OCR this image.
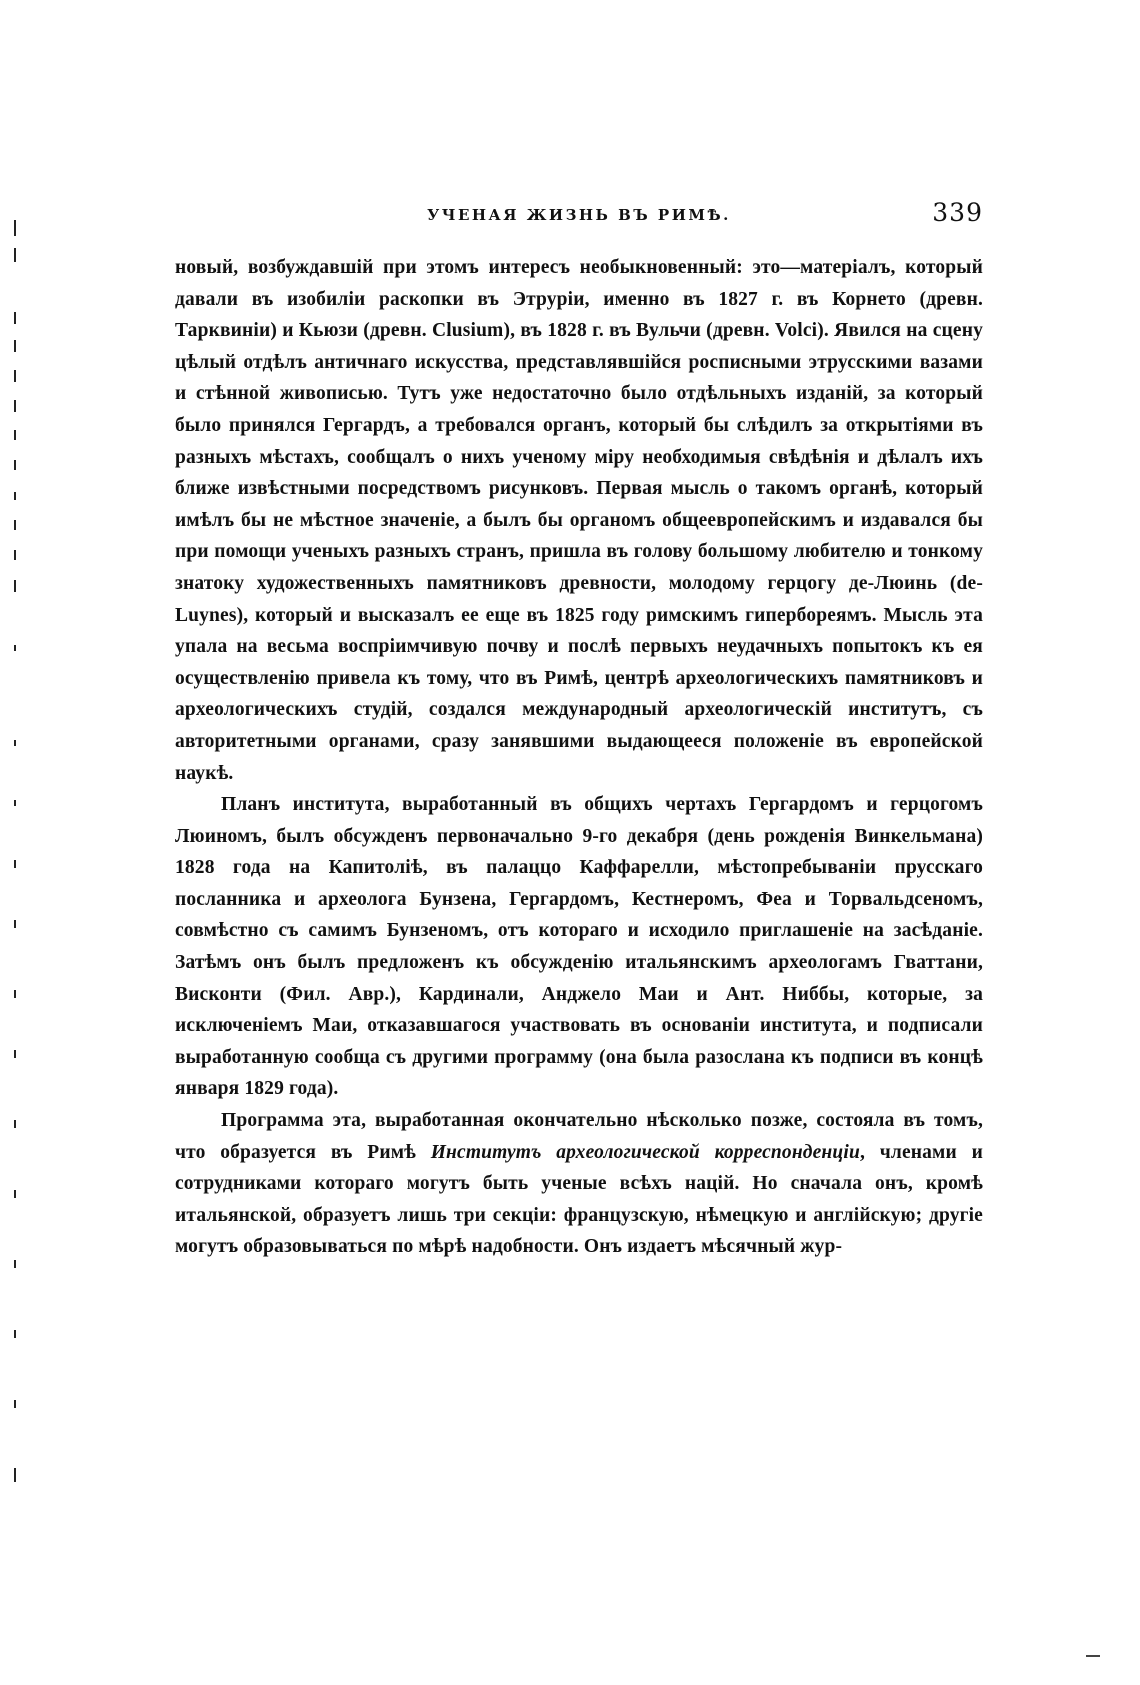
УЧЕНАЯ ЖИЗНЬ ВЪ РИМѢ.	339

новый, возбуждавшій при этомъ интересъ необыкновенный: это—матеріалъ, который давали въ изобиліи раскопки въ Этруріи, именно въ 1827 г. въ Корнето (древн. Тарквиніи) и Кьюзи (древн. Clusium), въ 1828 г. въ Вульчи (древн. Volci). Явился на сцену цѣлый отдѣлъ античнаго искусства, представлявшійся росписными этрусскими вазами и стѣнной живописью. Тутъ уже недостаточно было отдѣльныхъ изданій, за который было принялся Гергардъ, а требовался органъ, который бы слѣдилъ за открытіями въ разныхъ мѣстахъ, сообщалъ о нихъ ученому міру необходимыя свѣдѣнія и дѣлалъ ихъ ближе извѣстными посредствомъ рисунковъ. Первая мысль о такомъ органѣ, который имѣлъ бы не мѣстное значеніе, а былъ бы органомъ общеевропейскимъ и издавался бы при помощи ученыхъ разныхъ странъ, пришла въ голову большому любителю и тонкому знатоку художественныхъ памятниковъ древности, молодому герцогу де-Люинь (de-Luynes), который и высказалъ ее еще въ 1825 году римскимъ гипербореямъ. Мысль эта упала на весьма воспріимчивую почву и послѣ первыхъ неудачныхъ попытокъ къ ея осуществленію привела къ тому, что въ Римѣ, центрѣ археологическихъ памятниковъ и археологическихъ студій, создался международный археологическій институтъ, съ авторитетными органами, сразу занявшими выдающееся положеніе въ европейской наукѣ.

Планъ института, выработанный въ общихъ чертахъ Гергардомъ и герцогомъ Люиномъ, былъ обсужденъ первоначально 9-го декабря (день рожденія Винкельмана) 1828 года на Капитоліѣ, въ палаццо Каффарелли, мѣстопребываніи прусскаго посланника и археолога Бунзена, Гергардомъ, Кестнеромъ, Феа и Торвальдсеномъ, совмѣстно съ самимъ Бунзеномъ, отъ котораго и исходило приглашеніе на засѣданіе. Затѣмъ онъ былъ предложенъ къ обсужденію итальянскимъ археологамъ Гваттани, Висконти (Фил. Авр.), Кардинали, Анджело Маи и Ант. Ниббы, которые, за исключеніемъ Маи, отказавшагося участвовать въ основаніи института, и подписали выработанную сообща съ другими программу (она была разослана къ подписи въ концѣ января 1829 года).

Программа эта, выработанная окончательно нѣсколько позже, состояла въ томъ, что образуется въ Римѣ Институтъ археологической корреспонденціи, членами и сотрудниками котораго могутъ быть ученые всѣхъ націй. Но сначала онъ, кромѣ итальянской, образуетъ лишь три секціи: французскую, нѣмецкую и англійскую; другіе могутъ образовываться по мѣрѣ надобности. Онъ издаетъ мѣсячный жур-
